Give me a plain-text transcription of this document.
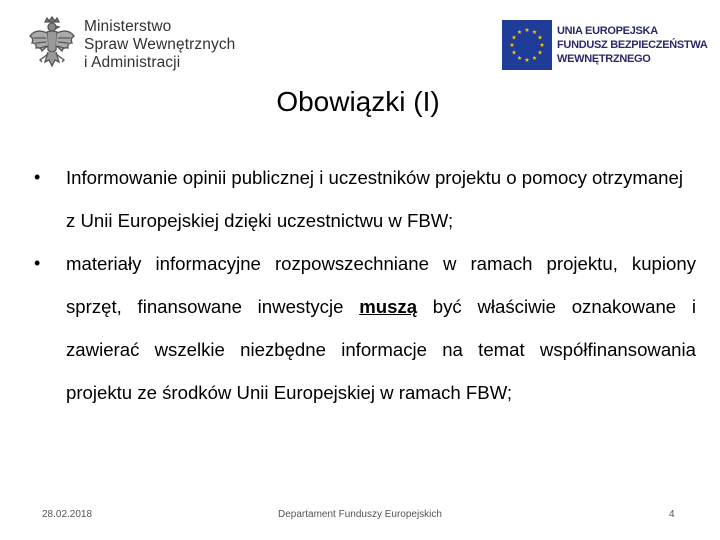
Ministerstwo
Spraw Wewnętrznych
i Administracji
UNIA EUROPEJSKA
FUNDUSZ BEZPIECZEŃSTWA
WEWNĘTRZNEGO
Obowiązki (I)
• Informowanie opinii publicznej i uczestników projektu o pomocy otrzymanej z Unii Europejskiej dzięki uczestnictwu w FBW;
• materiały informacyjne rozpowszechniane w ramach projektu, kupiony sprzęt, finansowane inwestycje muszą być właściwie oznakowane i zawierać wszelkie niezbędne informacje na temat współfinansowania projektu ze środków Unii Europejskiej w ramach FBW;
28.02.2018	Departament Funduszy Europejskich	4
